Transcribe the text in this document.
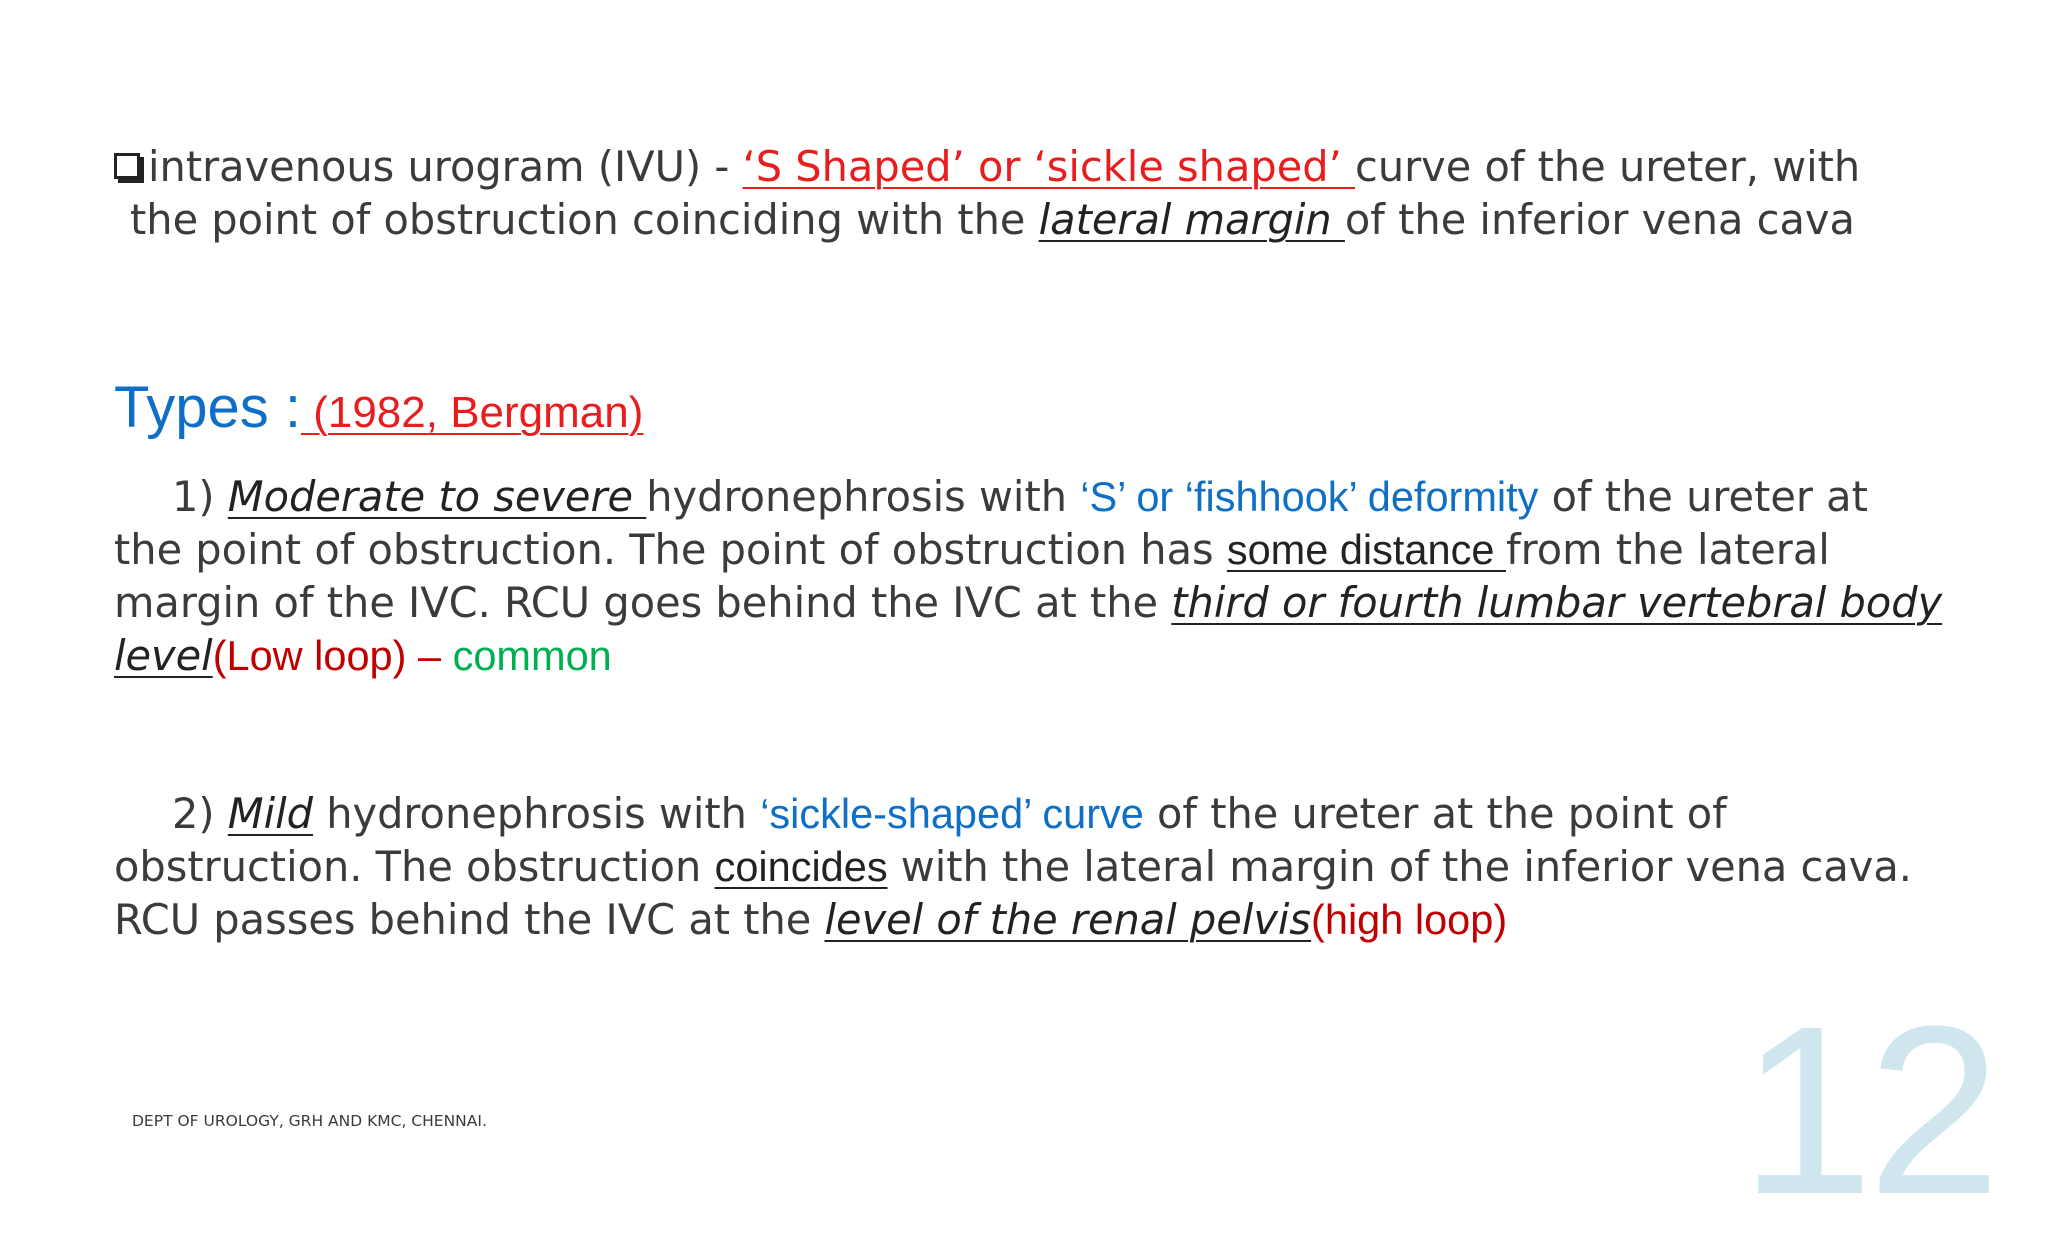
intravenous urogram (IVU) - ‘S Shaped’ or ‘sickle shaped’ curve of the ureter, with
the point of obstruction coinciding with the lateral margin of the inferior vena cava
Types : (1982, Bergman)
1) Moderate to severe hydronephrosis with ‘S’ or ‘fishhook’ deformity of the ureter at the point of obstruction. The point of obstruction has some distance from the lateral margin of the IVC. RCU goes behind the IVC at the third or fourth lumbar vertebral body level(Low loop) – common
2) Mild hydronephrosis with ‘sickle-shaped’ curve of the ureter at the point of obstruction. The obstruction coincides with the lateral margin of the inferior vena cava. RCU passes behind the IVC at the level of the renal pelvis(high loop)
DEPT OF UROLOGY, GRH AND KMC, CHENNAI.	12
